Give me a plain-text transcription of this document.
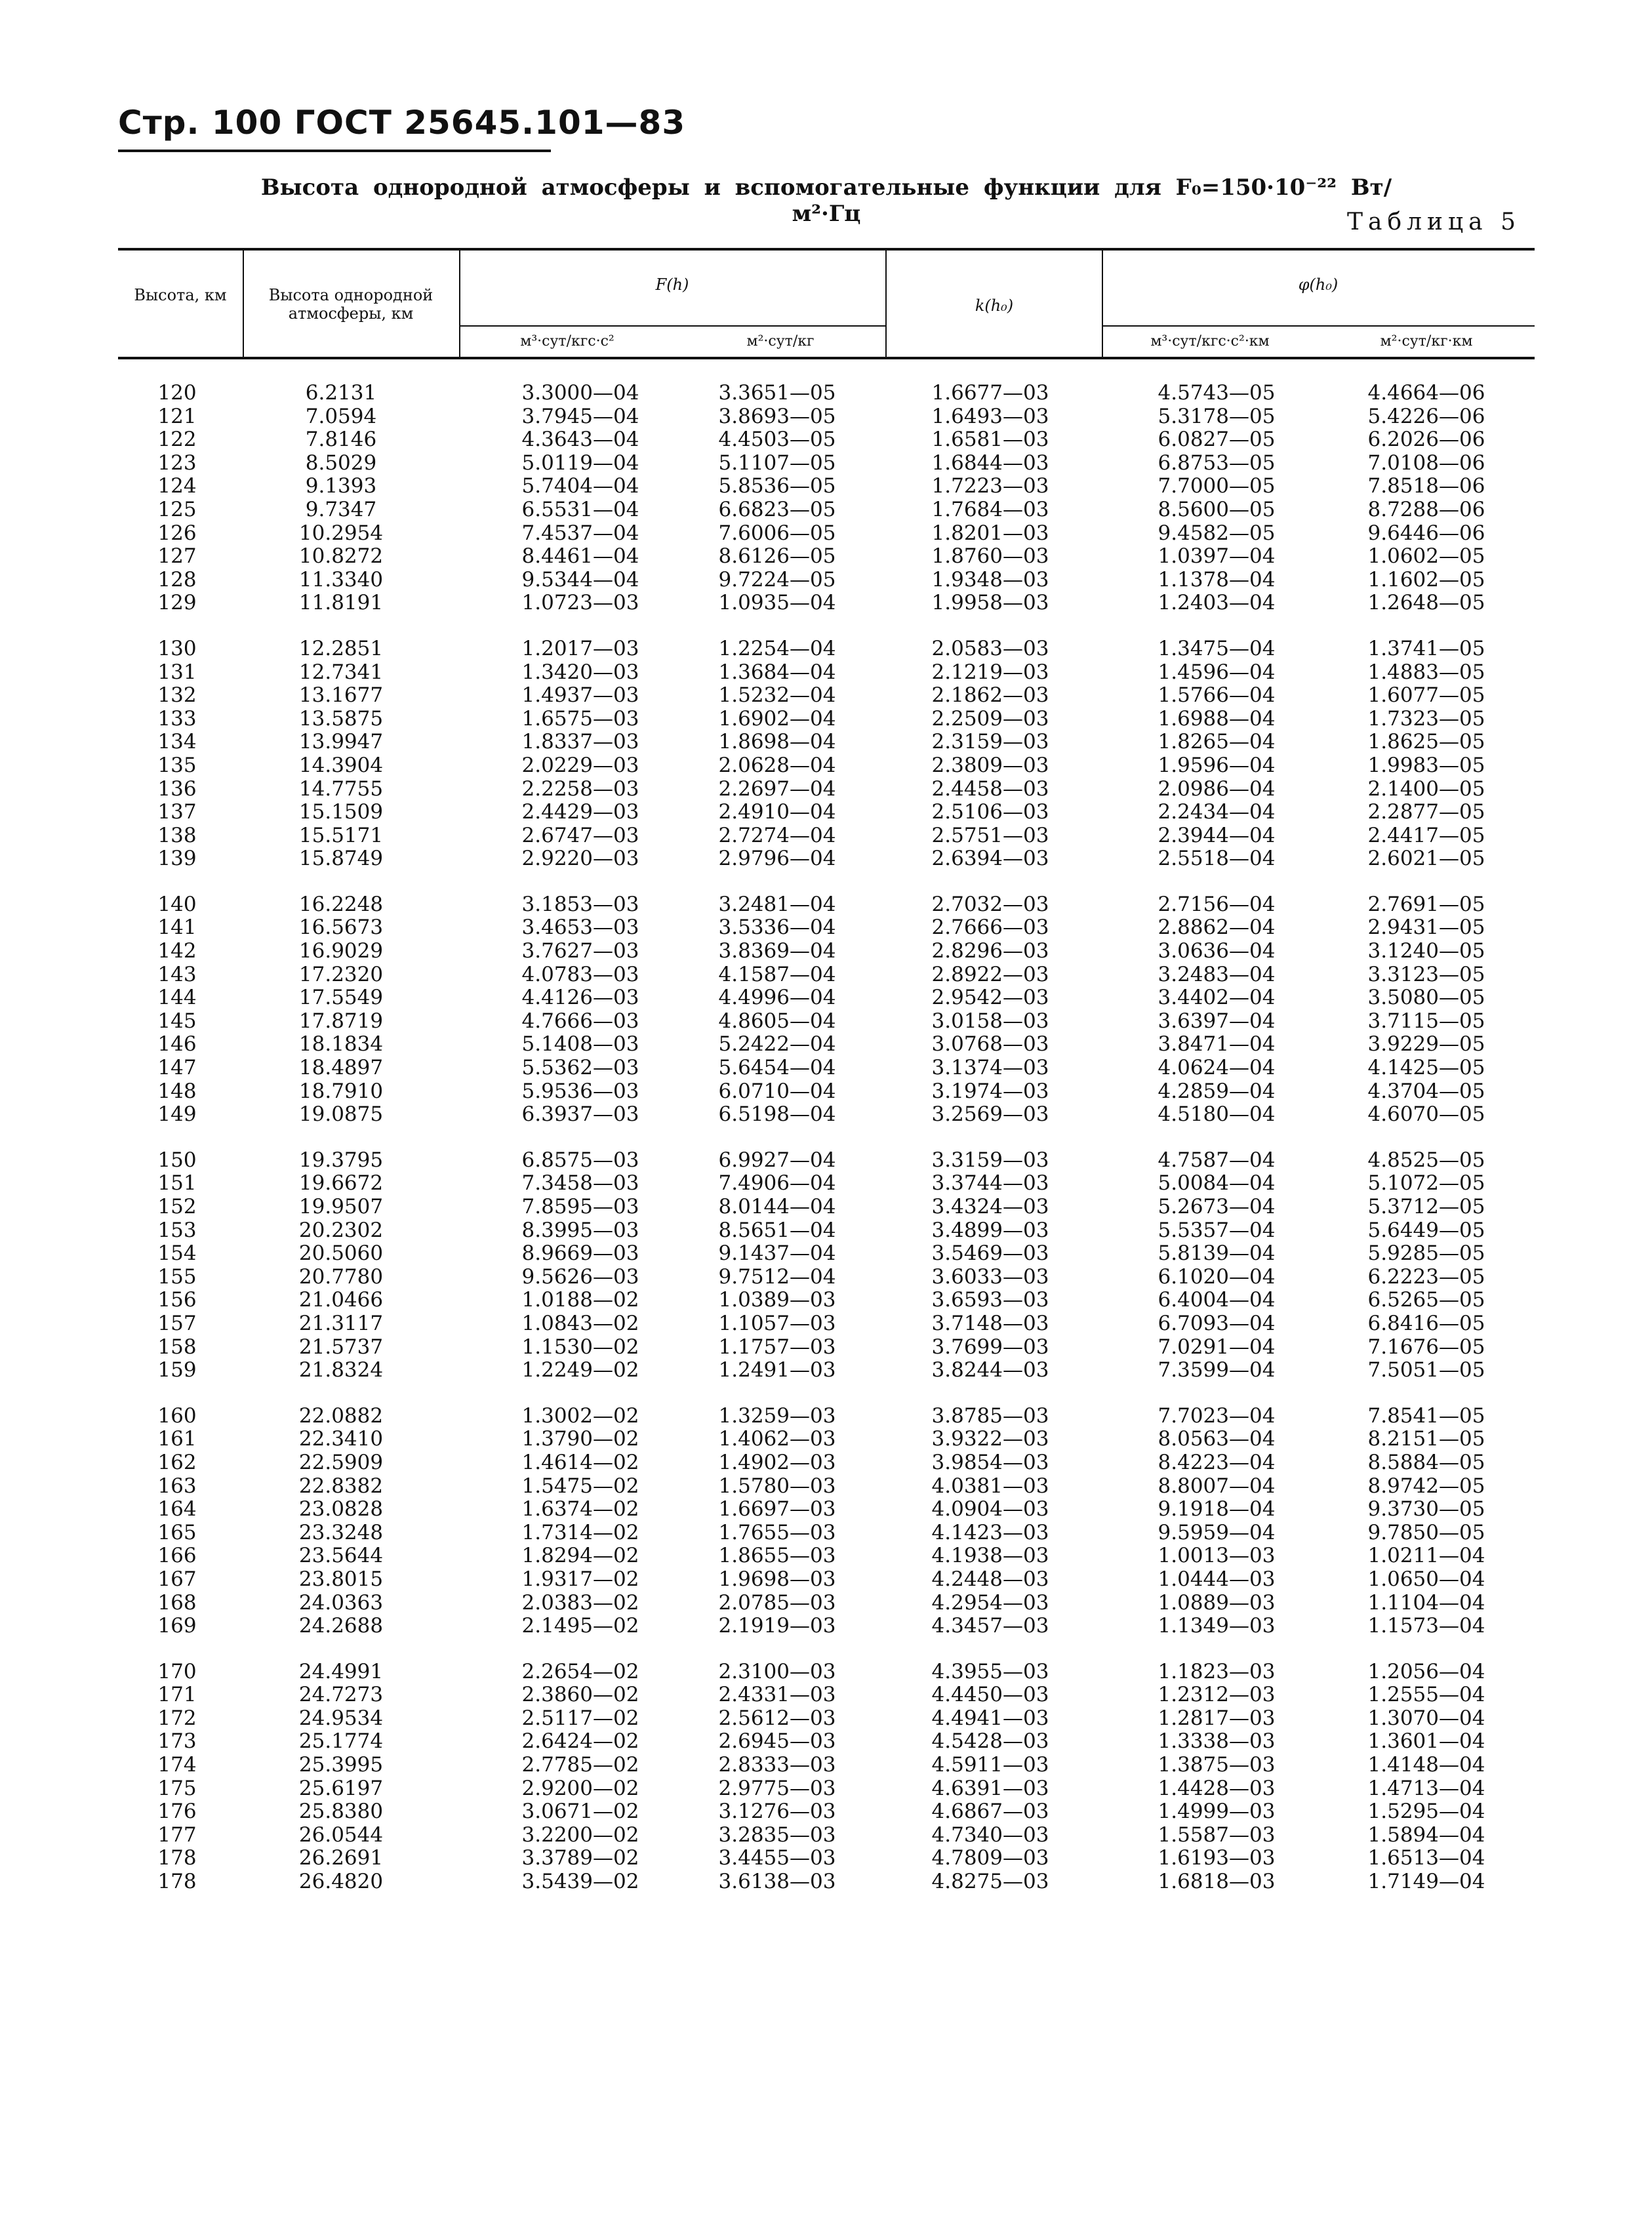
Стр. 100 ГОСТ 25645.101—83
Высота однородной атмосферы и вспомогательные функции для F₀=150·10⁻²² Вт/м²·Гц	Таблица 5
Высота, км	Высота однородной атмосферы, км
F(h)
м³·сут/кгс·с²	м²·сут/кг
k(h₀)
φ(h₀)
м³·сут/кгс·с²·км	м²·сут/кг·км
120	6.2131	3.3000—04	3.3651—05	1.6677—03	4.5743—05	4.4664—06
121	7.0594	3.7945—04	3.8693—05	1.6493—03	5.3178—05	5.4226—06
122	7.8146	4.3643—04	4.4503—05	1.6581—03	6.0827—05	6.2026—06
123	8.5029	5.0119—04	5.1107—05	1.6844—03	6.8753—05	7.0108—06
124	9.1393	5.7404—04	5.8536—05	1.7223—03	7.7000—05	7.8518—06
125	9.7347	6.5531—04	6.6823—05	1.7684—03	8.5600—05	8.7288—06
126	10.2954	7.4537—04	7.6006—05	1.8201—03	9.4582—05	9.6446—06
127	10.8272	8.4461—04	8.6126—05	1.8760—03	1.0397—04	1.0602—05
128	11.3340	9.5344—04	9.7224—05	1.9348—03	1.1378—04	1.1602—05
129	11.8191	1.0723—03	1.0935—04	1.9958—03	1.2403—04	1.2648—05
130	12.2851	1.2017—03	1.2254—04	2.0583—03	1.3475—04	1.3741—05
131	12.7341	1.3420—03	1.3684—04	2.1219—03	1.4596—04	1.4883—05
132	13.1677	1.4937—03	1.5232—04	2.1862—03	1.5766—04	1.6077—05
133	13.5875	1.6575—03	1.6902—04	2.2509—03	1.6988—04	1.7323—05
134	13.9947	1.8337—03	1.8698—04	2.3159—03	1.8265—04	1.8625—05
135	14.3904	2.0229—03	2.0628—04	2.3809—03	1.9596—04	1.9983—05
136	14.7755	2.2258—03	2.2697—04	2.4458—03	2.0986—04	2.1400—05
137	15.1509	2.4429—03	2.4910—04	2.5106—03	2.2434—04	2.2877—05
138	15.5171	2.6747—03	2.7274—04	2.5751—03	2.3944—04	2.4417—05
139	15.8749	2.9220—03	2.9796—04	2.6394—03	2.5518—04	2.6021—05
140	16.2248	3.1853—03	3.2481—04	2.7032—03	2.7156—04	2.7691—05
141	16.5673	3.4653—03	3.5336—04	2.7666—03	2.8862—04	2.9431—05
142	16.9029	3.7627—03	3.8369—04	2.8296—03	3.0636—04	3.1240—05
143	17.2320	4.0783—03	4.1587—04	2.8922—03	3.2483—04	3.3123—05
144	17.5549	4.4126—03	4.4996—04	2.9542—03	3.4402—04	3.5080—05
145	17.8719	4.7666—03	4.8605—04	3.0158—03	3.6397—04	3.7115—05
146	18.1834	5.1408—03	5.2422—04	3.0768—03	3.8471—04	3.9229—05
147	18.4897	5.5362—03	5.6454—04	3.1374—03	4.0624—04	4.1425—05
148	18.7910	5.9536—03	6.0710—04	3.1974—03	4.2859—04	4.3704—05
149	19.0875	6.3937—03	6.5198—04	3.2569—03	4.5180—04	4.6070—05
150	19.3795	6.8575—03	6.9927—04	3.3159—03	4.7587—04	4.8525—05
151	19.6672	7.3458—03	7.4906—04	3.3744—03	5.0084—04	5.1072—05
152	19.9507	7.8595—03	8.0144—04	3.4324—03	5.2673—04	5.3712—05
153	20.2302	8.3995—03	8.5651—04	3.4899—03	5.5357—04	5.6449—05
154	20.5060	8.9669—03	9.1437—04	3.5469—03	5.8139—04	5.9285—05
155	20.7780	9.5626—03	9.7512—04	3.6033—03	6.1020—04	6.2223—05
156	21.0466	1.0188—02	1.0389—03	3.6593—03	6.4004—04	6.5265—05
157	21.3117	1.0843—02	1.1057—03	3.7148—03	6.7093—04	6.8416—05
158	21.5737	1.1530—02	1.1757—03	3.7699—03	7.0291—04	7.1676—05
159	21.8324	1.2249—02	1.2491—03	3.8244—03	7.3599—04	7.5051—05
160	22.0882	1.3002—02	1.3259—03	3.8785—03	7.7023—04	7.8541—05
161	22.3410	1.3790—02	1.4062—03	3.9322—03	8.0563—04	8.2151—05
162	22.5909	1.4614—02	1.4902—03	3.9854—03	8.4223—04	8.5884—05
163	22.8382	1.5475—02	1.5780—03	4.0381—03	8.8007—04	8.9742—05
164	23.0828	1.6374—02	1.6697—03	4.0904—03	9.1918—04	9.3730—05
165	23.3248	1.7314—02	1.7655—03	4.1423—03	9.5959—04	9.7850—05
166	23.5644	1.8294—02	1.8655—03	4.1938—03	1.0013—03	1.0211—04
167	23.8015	1.9317—02	1.9698—03	4.2448—03	1.0444—03	1.0650—04
168	24.0363	2.0383—02	2.0785—03	4.2954—03	1.0889—03	1.1104—04
169	24.2688	2.1495—02	2.1919—03	4.3457—03	1.1349—03	1.1573—04
170	24.4991	2.2654—02	2.3100—03	4.3955—03	1.1823—03	1.2056—04
171	24.7273	2.3860—02	2.4331—03	4.4450—03	1.2312—03	1.2555—04
172	24.9534	2.5117—02	2.5612—03	4.4941—03	1.2817—03	1.3070—04
173	25.1774	2.6424—02	2.6945—03	4.5428—03	1.3338—03	1.3601—04
174	25.3995	2.7785—02	2.8333—03	4.5911—03	1.3875—03	1.4148—04
175	25.6197	2.9200—02	2.9775—03	4.6391—03	1.4428—03	1.4713—04
176	25.8380	3.0671—02	3.1276—03	4.6867—03	1.4999—03	1.5295—04
177	26.0544	3.2200—02	3.2835—03	4.7340—03	1.5587—03	1.5894—04
178	26.2691	3.3789—02	3.4455—03	4.7809—03	1.6193—03	1.6513—04
178	26.4820	3.5439—02	3.6138—03	4.8275—03	1.6818—03	1.7149—04
